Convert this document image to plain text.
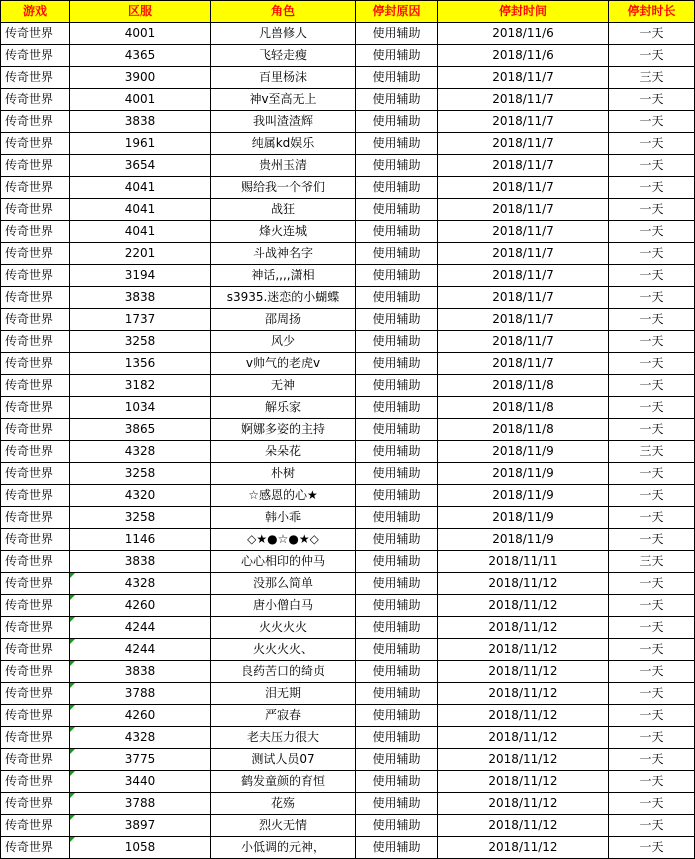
游戏	区服	角色	停封原因	停封时间	停封时长
传奇世界	4001	凡兽修人	使用辅助	2018/11/6	一天
传奇世界	4365	飞轻走瘦	使用辅助	2018/11/6	一天
传奇世界	3900	百里杨沫	使用辅助	2018/11/7	三天
传奇世界	4001	神v至高无上	使用辅助	2018/11/7	一天
传奇世界	3838	我叫渣渣辉	使用辅助	2018/11/7	一天
传奇世界	1961	纯属kd娱乐	使用辅助	2018/11/7	一天
传奇世界	3654	贵州玉清	使用辅助	2018/11/7	一天
传奇世界	4041	赐给我一个爷们	使用辅助	2018/11/7	一天
传奇世界	4041	战狂	使用辅助	2018/11/7	一天
传奇世界	4041	烽火连城	使用辅助	2018/11/7	一天
传奇世界	2201	斗战神名字	使用辅助	2018/11/7	一天
传奇世界	3194	神话,,,,潇相	使用辅助	2018/11/7	一天
传奇世界	3838	s3935.迷恋的小蝴蝶	使用辅助	2018/11/7	一天
传奇世界	1737	邵周扬	使用辅助	2018/11/7	一天
传奇世界	3258	风少	使用辅助	2018/11/7	一天
传奇世界	1356	v帅气的老虎v	使用辅助	2018/11/7	一天
传奇世界	3182	无神	使用辅助	2018/11/8	一天
传奇世界	1034	解乐家	使用辅助	2018/11/8	一天
传奇世界	3865	婀娜多姿的主持	使用辅助	2018/11/8	一天
传奇世界	4328	朵朵花	使用辅助	2018/11/9	三天
传奇世界	3258	朴树	使用辅助	2018/11/9	一天
传奇世界	4320	☆感恩的心★	使用辅助	2018/11/9	一天
传奇世界	3258	韩小乖	使用辅助	2018/11/9	一天
传奇世界	1146	◇★●☆●★◇	使用辅助	2018/11/9	一天
传奇世界	3838	心心相印的仲马	使用辅助	2018/11/11	三天
传奇世界	4328	没那么简单	使用辅助	2018/11/12	一天
传奇世界	4260	唐小僧白马	使用辅助	2018/11/12	一天
传奇世界	4244	火火火火	使用辅助	2018/11/12	一天
传奇世界	4244	火火火火、	使用辅助	2018/11/12	一天
传奇世界	3838	良药苦口的绮贞	使用辅助	2018/11/12	一天
传奇世界	3788	泪无期	使用辅助	2018/11/12	一天
传奇世界	4260	严寂春	使用辅助	2018/11/12	一天
传奇世界	4328	老夫压力很大	使用辅助	2018/11/12	一天
传奇世界	3775	测试人员07	使用辅助	2018/11/12	一天
传奇世界	3440	鹤发童颜的育恒	使用辅助	2018/11/12	一天
传奇世界	3788	花殇	使用辅助	2018/11/12	一天
传奇世界	3897	烈火无情	使用辅助	2018/11/12	一天
传奇世界	1058	小低调的元神，	使用辅助	2018/11/12	一天
